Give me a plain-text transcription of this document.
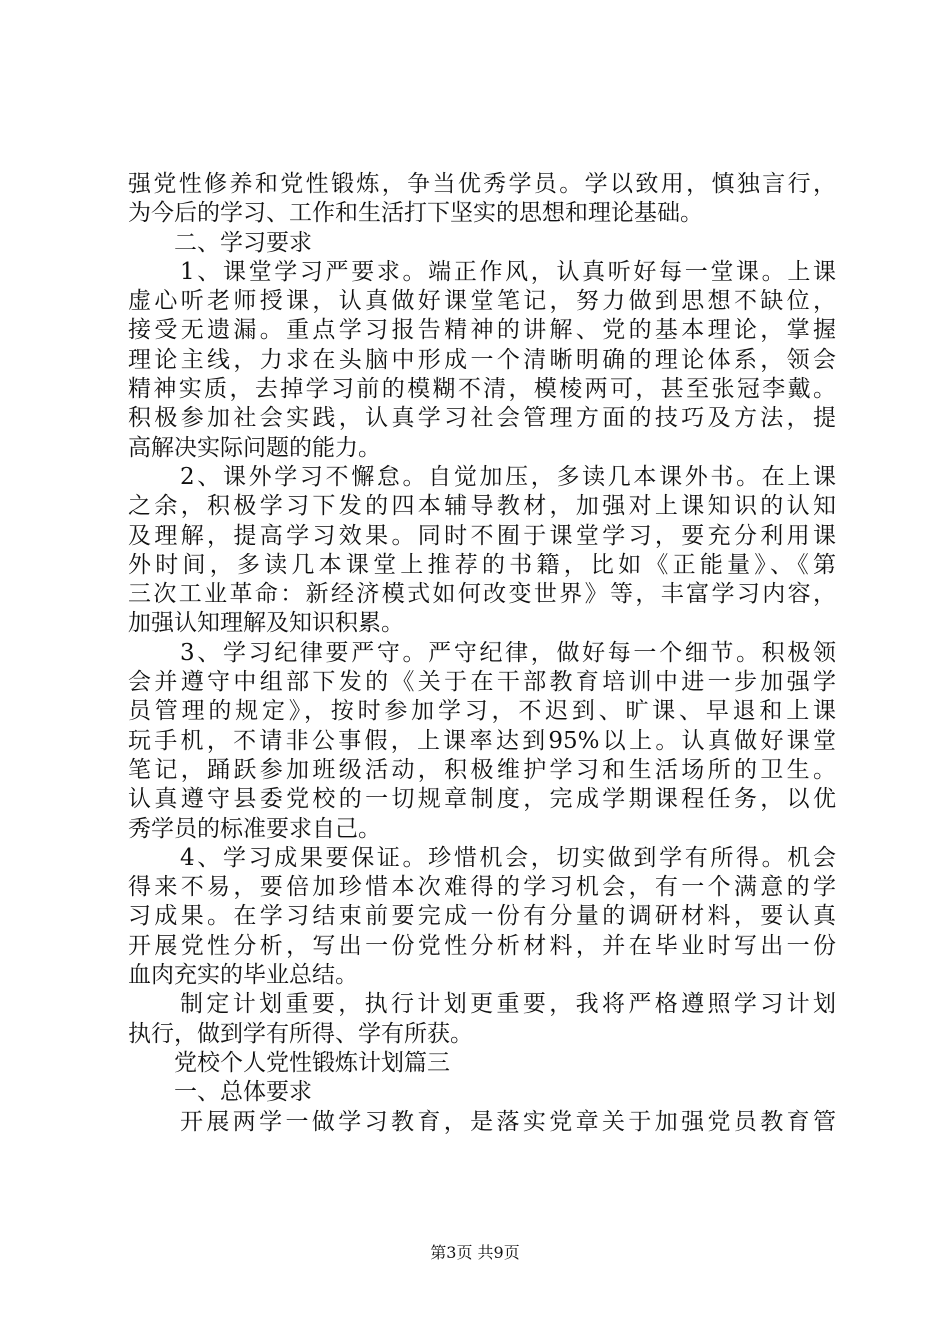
强党性修养和党性锻炼，争当优秀学员。学以致用，慎独言行，
为今后的学习、工作和生活打下坚实的思想和理论基础。
二、学习要求
1、课堂学习严要求。端正作风，认真听好每一堂课。上课
虚心听老师授课，认真做好课堂笔记，努力做到思想不缺位，
接受无遗漏。重点学习报告精神的讲解、党的基本理论，掌握
理论主线，力求在头脑中形成一个清晰明确的理论体系，领会
精神实质，去掉学习前的模糊不清，模棱两可，甚至张冠李戴。
积极参加社会实践，认真学习社会管理方面的技巧及方法，提
高解决实际问题的能力。
2、课外学习不懈怠。自觉加压，多读几本课外书。在上课
之余，积极学习下发的四本辅导教材，加强对上课知识的认知
及理解，提高学习效果。同时不囿于课堂学习，要充分利用课
外时间，多读几本课堂上推荐的书籍，比如《正能量》、《第
三次工业革命：新经济模式如何改变世界》等，丰富学习内容，
加强认知理解及知识积累。
3、学习纪律要严守。严守纪律，做好每一个细节。积极领
会并遵守中组部下发的《关于在干部教育培训中进一步加强学
员管理的规定》，按时参加学习，不迟到、旷课、早退和上课
玩手机，不请非公事假，上课率达到95%以上。认真做好课堂
笔记，踊跃参加班级活动，积极维护学习和生活场所的卫生。
认真遵守县委党校的一切规章制度，完成学期课程任务，以优
秀学员的标准要求自己。
4、学习成果要保证。珍惜机会，切实做到学有所得。机会
得来不易，要倍加珍惜本次难得的学习机会，有一个满意的学
习成果。在学习结束前要完成一份有分量的调研材料，要认真
开展党性分析，写出一份党性分析材料，并在毕业时写出一份
血肉充实的毕业总结。
制定计划重要，执行计划更重要，我将严格遵照学习计划
执行，做到学有所得、学有所获。
党校个人党性锻炼计划篇三
一、总体要求
开展两学一做学习教育，是落实党章关于加强党员教育管
第3页 共9页
